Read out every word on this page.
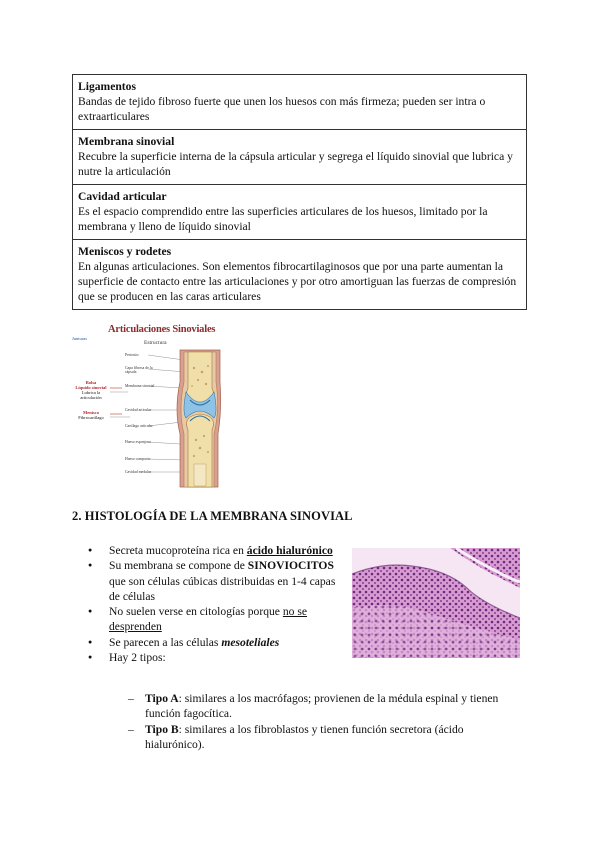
Ligamentos
Bandas de tejido fibroso fuerte que unen los huesos con más firmeza; pueden ser intra o extraarticulares

Membrana sinovial
Recubre la superficie interna de la cápsula articular y segrega el líquido sinovial que lubrica y nutre la articulación

Cavidad articular
Es el espacio comprendido entre las superficies articulares de los huesos, limitado por la membrana y lleno de líquido sinovial

Meniscos y rodetes
En algunas articulaciones. Son elementos fibrocartilaginosos que por una parte aumentan la superficie de contacto entre las articulaciones y por otro amortiguan las fuerzas de compresión que se producen en las caras articulares
Junturas
Articulaciones Sinoviales
Estructura
Bolsa
Líquido sinovial
Lubrica la articulación
Menisco
Fibrocartílago
Periostio
Capa fibrosa de la cápsula
Membrana sinovial
Cavidad articular
Cartílago articular
Hueso esponjoso
Hueso compacto
Cavidad medular
2. HISTOLOGÍA DE LA MEMBRANA SINOVIAL
● Secreta mucoproteína rica en ácido hialurónico
● Su membrana se compone de SINOVIOCITOS que son células cúbicas distribuidas en 1-4 capas de células
● No suelen verse en citologías porque no se desprenden
● Se parecen a las células mesoteliales
● Hay 2 tipos:
– Tipo A: similares a los macrófagos; provienen de la médula espinal y tienen función fagocítica.
– Tipo B: similares a los fibroblastos y tienen función secretora (ácido hialurónico).
